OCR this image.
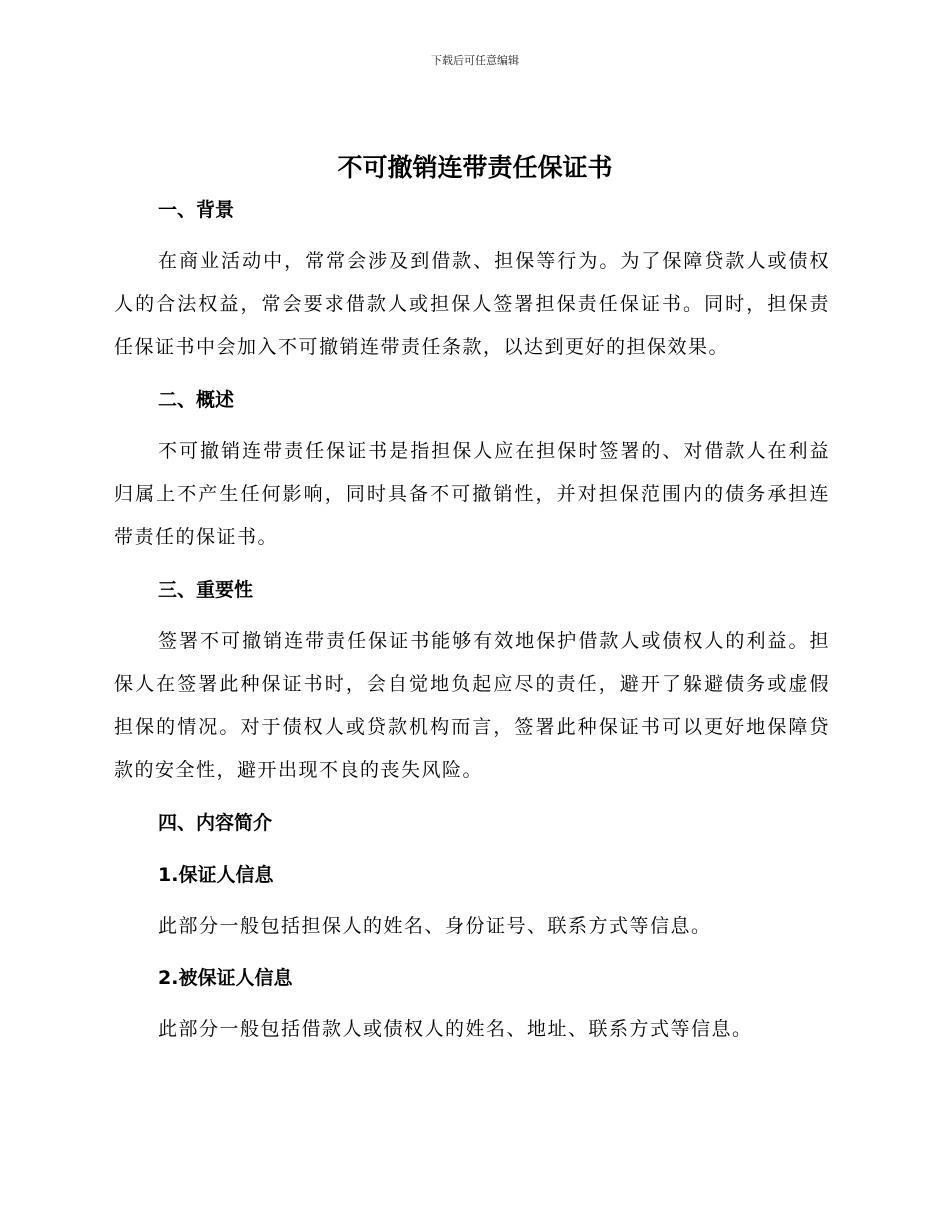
下载后可任意编辑
不可撤销连带责任保证书

一、背景

在商业活动中，常常会涉及到借款、担保等行为。为了保障贷款人或债权人的合法权益，常会要求借款人或担保人签署担保责任保证书。同时，担保责任保证书中会加入不可撤销连带责任条款，以达到更好的担保效果。

二、概述

不可撤销连带责任保证书是指担保人应在担保时签署的、对借款人在利益归属上不产生任何影响，同时具备不可撤销性，并对担保范围内的债务承担连带责任的保证书。

三、重要性

签署不可撤销连带责任保证书能够有效地保护借款人或债权人的利益。担保人在签署此种保证书时，会自觉地负起应尽的责任，避开了躲避债务或虚假担保的情况。对于债权人或贷款机构而言，签署此种保证书可以更好地保障贷款的安全性，避开出现不良的丧失风险。

四、内容简介

1.保证人信息

此部分一般包括担保人的姓名、身份证号、联系方式等信息。

2.被保证人信息

此部分一般包括借款人或债权人的姓名、地址、联系方式等信息。
